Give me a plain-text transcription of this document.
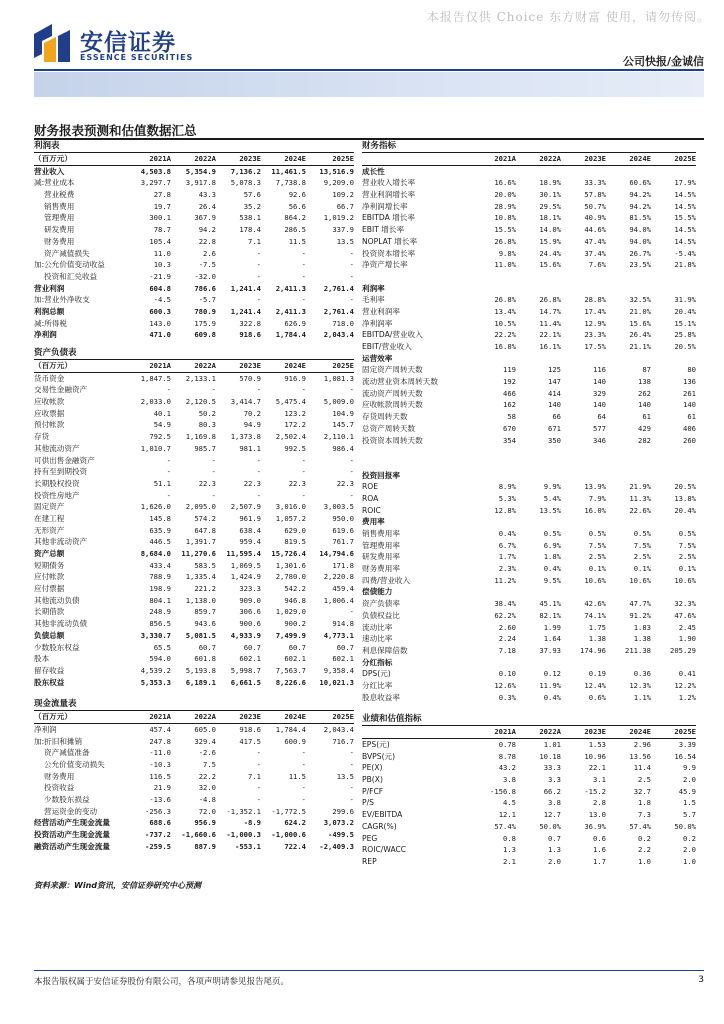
本报告仅供 Choice 东方财富 使用，请勿传阅。
安信证券
ESSENCE SECURITIES	公司快报/金诚信
财务报表预测和估值数据汇总
利润表
（百万元）	2021A	2022A	2023E	2024E	2025E
营业收入	4,503.8	5,354.9	7,136.2	11,461.5	13,516.9
减:营业成本	3,297.7	3,917.8	5,078.3	7,738.8	9,209.0
营业税费	27.8	43.3	57.6	92.6	109.2
销售费用	19.7	26.4	35.2	56.6	66.7
管理费用	300.1	367.9	538.1	864.2	1,019.2
研发费用	78.7	94.2	178.4	286.5	337.9
财务费用	105.4	22.8	7.1	11.5	13.5
资产减值损失	11.0	2.6	-	-	-
加:公允价值变动收益	10.3	-7.5	-	-	-
投资和汇兑收益	-21.9	-32.0	-	-	-
营业利润	604.8	786.6	1,241.4	2,411.3	2,761.4
加:营业外净收支	-4.5	-5.7	-	-	-
利润总额	600.3	780.9	1,241.4	2,411.3	2,761.4
减:所得税	143.0	175.9	322.8	626.9	718.0
净利润	471.0	609.8	918.6	1,784.4	2,043.4
资产负债表
（百万元）	2021A	2022A	2023E	2024E	2025E
货币资金	1,847.5	2,133.1	570.9	916.9	1,081.3
交易性金融资产	-	-	-	-	-
应收帐款	2,033.0	2,120.5	3,414.7	5,475.4	5,009.0
应收票据	40.1	50.2	70.2	123.2	104.9
预付帐款	54.9	80.3	94.9	172.2	145.7
存货	792.5	1,169.8	1,373.8	2,502.4	2,110.1
其他流动资产	1,010.7	985.7	981.1	992.5	986.4
可供出售金融资产	-	-	-	-	-
持有至到期投资	-	-	-	-	-
长期股权投资	51.1	22.3	22.3	22.3	22.3
投资性房地产	-	-	-	-	-
固定资产	1,626.0	2,095.0	2,507.9	3,016.0	3,003.5
在建工程	145.8	574.2	961.9	1,057.2	950.0
无形资产	635.9	647.8	638.4	629.0	619.6
其他非流动资产	446.5	1,391.7	959.4	819.5	761.7
资产总额	8,684.0	11,270.6	11,595.4	15,726.4	14,794.6
短期债务	433.4	583.5	1,069.5	1,301.6	171.8
应付帐款	788.9	1,335.4	1,424.9	2,780.0	2,220.8
应付票据	198.9	221.2	323.3	542.2	459.4
其他流动负债	804.1	1,138.0	909.0	946.8	1,006.4
长期借款	248.9	859.7	306.6	1,029.0	-
其他非流动负债	856.5	943.6	900.6	900.2	914.8
负债总额	3,330.7	5,081.5	4,933.9	7,499.9	4,773.1
少数股东权益	65.5	60.7	60.7	60.7	60.7
股本	594.0	601.8	602.1	602.1	602.1
留存收益	4,539.2	5,193.8	5,998.7	7,563.7	9,358.4
股东权益	5,353.3	6,189.1	6,661.5	8,226.6	10,021.3
现金流量表
（百万元）	2021A	2022A	2023E	2024E	2025E
净利润	457.4	605.0	918.6	1,784.4	2,043.4
加:折旧和摊销	247.8	329.4	417.5	600.9	716.7
资产减值准备	-11.0	-2.6	-	-	-
公允价值变动损失	-10.3	7.5	-	-	-
财务费用	116.5	22.2	7.1	11.5	13.5
投资收益	21.9	32.0	-	-	-
少数股东损益	-13.6	-4.8	-	-	-
营运资金的变动	-256.3	72.0	-1,352.1	-1,772.5	299.6
经营活动产生现金流量	688.6	956.9	-8.9	624.2	3,073.2
投资活动产生现金流量	-737.2	-1,660.6	-1,000.3	-1,000.6	-499.5
融资活动产生现金流量	-259.5	887.9	-553.1	722.4	-2,409.3
财务指标
2021A	2022A	2023E	2024E	2025E
成长性
营业收入增长率	16.6%	18.9%	33.3%	60.6%	17.9%
营业利润增长率	20.0%	30.1%	57.8%	94.2%	14.5%
净利润增长率	28.9%	29.5%	50.7%	94.2%	14.5%
EBITDA 增长率	10.8%	18.1%	40.9%	81.5%	15.5%
EBIT 增长率	15.5%	14.0%	44.6%	94.0%	14.5%
NOPLAT 增长率	26.8%	15.9%	47.4%	94.0%	14.5%
投资资本增长率	9.8%	24.4%	37.4%	26.7%	-5.4%
净资产增长率	11.0%	15.6%	7.6%	23.5%	21.8%
利润率
毛利率	26.8%	26.8%	28.8%	32.5%	31.9%
营业利润率	13.4%	14.7%	17.4%	21.0%	20.4%
净利润率	10.5%	11.4%	12.9%	15.6%	15.1%
EBITDA/营业收入	22.2%	22.1%	23.3%	26.4%	25.8%
EBIT/营业收入	16.8%	16.1%	17.5%	21.1%	20.5%
运营效率
固定资产周转天数	119	125	116	87	80
流动营业资本周转天数	192	147	140	138	136
流动资产周转天数	466	414	329	262	261
应收帐款周转天数	162	140	140	140	140
存货周转天数	58	66	64	61	61
总资产周转天数	670	671	577	429	406
投资资本周转天数	354	350	346	282	260
投资回报率
ROE	8.9%	9.9%	13.9%	21.9%	20.5%
ROA	5.3%	5.4%	7.9%	11.3%	13.8%
ROIC	12.8%	13.5%	16.0%	22.6%	20.4%
费用率
销售费用率	0.4%	0.5%	0.5%	0.5%	0.5%
管理费用率	6.7%	6.9%	7.5%	7.5%	7.5%
研发费用率	1.7%	1.8%	2.5%	2.5%	2.5%
财务费用率	2.3%	0.4%	0.1%	0.1%	0.1%
四费/营业收入	11.2%	9.5%	10.6%	10.6%	10.6%
偿债能力
资产负债率	38.4%	45.1%	42.6%	47.7%	32.3%
负债权益比	62.2%	82.1%	74.1%	91.2%	47.6%
流动比率	2.60	1.99	1.75	1.83	2.45
速动比率	2.24	1.64	1.38	1.38	1.90
利息保障倍数	7.18	37.93	174.96	211.38	205.29
分红指标
DPS(元)	0.10	0.12	0.19	0.36	0.41
分红比率	12.6%	11.9%	12.4%	12.3%	12.2%
股息收益率	0.3%	0.4%	0.6%	1.1%	1.2%
业绩和估值指标
2021A	2022A	2023E	2024E	2025E
EPS(元)	0.78	1.01	1.53	2.96	3.39
BVPS(元)	8.78	10.18	10.96	13.56	16.54
PE(X)	43.2	33.3	22.1	11.4	9.9
PB(X)	3.8	3.3	3.1	2.5	2.0
P/FCF	-156.8	66.2	-15.2	32.7	45.9
P/S	4.5	3.8	2.8	1.8	1.5
EV/EBITDA	12.1	12.7	13.0	7.3	5.7
CAGR(%)	57.4%	50.0%	36.9%	57.4%	50.0%
PEG	0.8	0.7	0.6	0.2	0.2
ROIC/WACC	1.3	1.3	1.6	2.2	2.0
REP	2.1	2.0	1.7	1.0	1.0
资料来源：Wind资讯，安信证券研究中心预测
本报告版权属于安信证券股份有限公司，各项声明请参见报告尾页。	3
